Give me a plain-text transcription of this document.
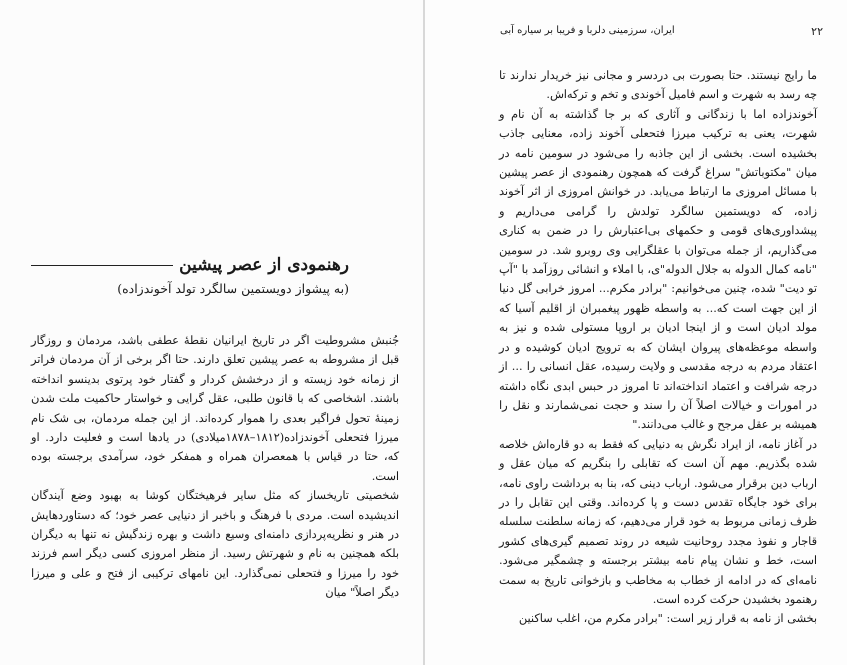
رهنمودی از عصر پیشین
(به پیشواز دویستمین سالگرد تولد آخوندزاده)

جُنبش مشروطیت اگر در تاریخ ایرانیان نقطهٔ عطفی باشد، مردمان و روزگار قبل از مشروطه به عصر پیشین تعلق دارند. حتا اگر برخی از آن مردمان فراتر از زمانه خود زیسته و از درخشش کردار و گفتار خود پرتوی بدینسو انداخته باشند. اشخاصی که با قانون طلبی، عقل گرایی و خواستار حاکمیت ملت شدن زمینهٔ تحول فراگیر بعدی را هموار کرده‌اند. از این جمله مردمان، بی شک نام میرزا فتحعلی آخوندزاده(۱۸۱۲–۱۸۷۸میلادی) در یادها است و فعلیت دارد. او که، حتا در قیاس با همعصران همراه و همفکر خود، سرآمدی برجسته بوده است.

شخصیتی تاریخساز که مثل سایر فرهیختگان کوشا به بهبود وضع آیندگان اندیشیده است. مردی با فرهنگ و باخبر از دنیایی عصر خود؛ که دستاوردهایش در هنر و نظریه‌پردازی دامنه‌ای وسیع داشت و بهره زندگیش نه تنها به دیگران بلکه همچنین به نام و شهرتش رسید. از منظر امروزی کسی دیگر اسم فرزند خود را میرزا و فتحعلی نمی‌گذارد. این نامهای ترکیبی از فتح و علی و میرزا دیگر اصلاً" میان

۲۲
ایران، سرزمینی دلربا و فریبا بر سیاره آبی

ما رایج نیستند. حتا بصورت بی دردسر و مجانی نیز خریدار ندارند تا چه رسد به شهرت و اسم فامیل آخوندی و تخم و ترکه‌اش.

آخوندزاده اما با زندگانی و آثاری که بر جا گذاشته به آن نام و شهرت، یعنی به ترکیب میرزا فتحعلی آخوند زاده، معنایی جاذب بخشیده است. بخشی از این جاذبه را می‌شود در سومین نامه در میان "مکتوباتش" سراغ گرفت که همچون رهنمودی از عصر پیشین با مسائل امروزی ما ارتباط می‌یابد. در خوانش امروزی از اثر آخوند زاده، که دویستمین سالگرد تولدش را گرامی می‌داریم و پیشداوری‌های قومی و حکمهای بی‌اعتبارش را در ضمن به کناری می‌گذاریم، از جمله می‌توان با عقلگرایی وی روبرو شد. در سومین "نامه کمال الدوله به جلال الدوله"ی، با املاء و انشائی روزآمد با "آپ تو دیت" شده، چنین می‌خوانیم: "برادر مکرم... امروز خرابی گل دنیا از این جهت است که... به واسطه ظهور پیغمبران از اقلیم آسیا که مولد ادیان است و از اینجا ادیان بر اروپا مستولی شده و نیز به واسطه موعظه‌های پیروان ایشان که به ترویج ادیان کوشیده و در اعتقاد مردم به درجه مقدسی و ولایت رسیده، عقل انسانی را ... از درجه شرافت و اعتماد انداخته‌اند تا امروز در حبس ابدی نگاه داشته در امورات و خیالات اصلاً آن را سند و حجت نمی‌شمارند و نقل را همیشه بر عقل مرجح و غالب می‌دانند."

در آغاز نامه، از ایراد نگرش به دنیایی که فقط به دو قاره‌اش خلاصه شده بگذریم. مهم آن است که تقابلی را بنگریم که میان عقل و ارباب دین برقرار می‌شود. ارباب دینی که، بنا به برداشت راوی نامه، برای خود جایگاه تقدس دست و پا کرده‌اند. وقتی این تقابل را در ظرف زمانی مربوط به خود قرار می‌دهیم، که زمانه سلطنت سلسله قاجار و نفوذ مجدد روحانیت شیعه در روند تصمیم گیری‌های کشور است، خط و نشان پیام نامه بیشتر برجسته و چشمگیر می‌شود. نامه‌ای که در ادامه از خطاب به مخاطب و بازخوانی تاریخ به سمت رهنمود بخشیدن حرکت کرده است.

بخشی از نامه به قرار زیر است: "برادر مکرم من، اغلب ساکنین
